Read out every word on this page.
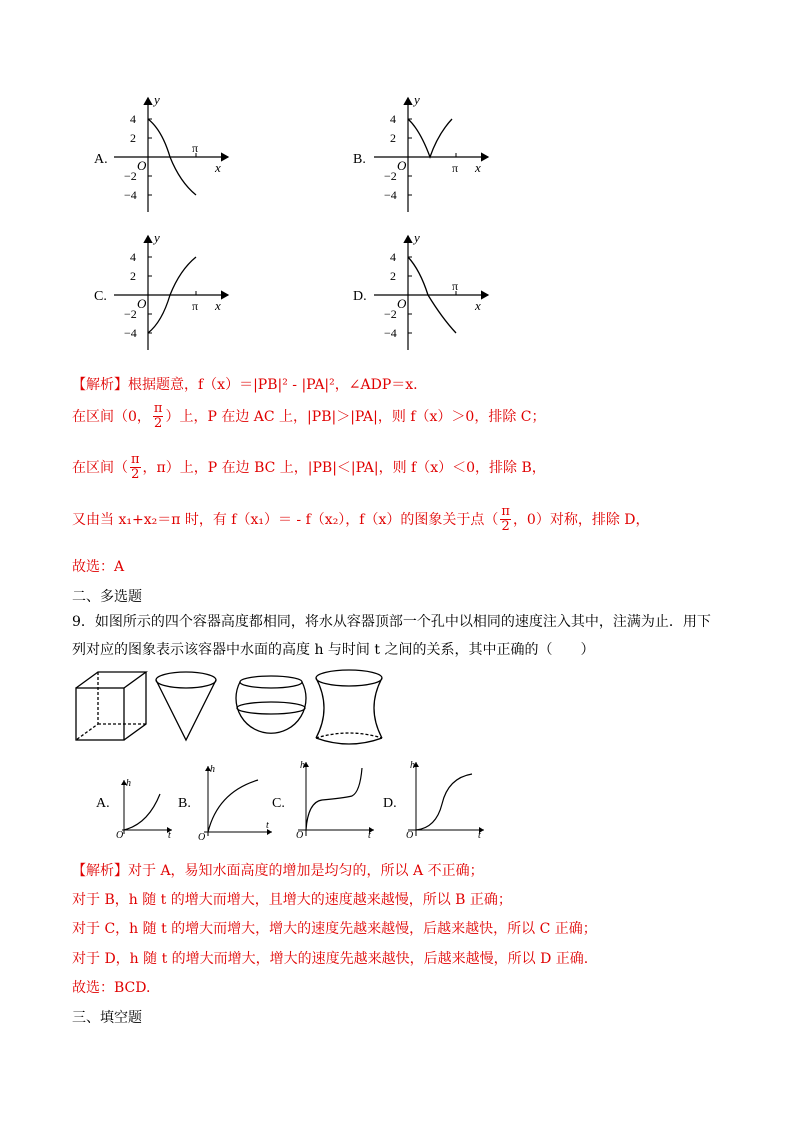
A.	B.
C.	D.
4
2
−2
−4
π
O	x
y
4
2
−2
−4
π
O	x
y
4
2
−2
−4
π
O	x
y
4
2
−2
−4
π
O	x
y
【解析】根据题意，f（x）＝|PB|² - |PA|²，∠ADP＝x.
在区间（0， $\frac{\pi}{2}$ ）上，P 在边 AC 上，|PB|＞|PA|，则 f（x）＞0，排除 C；
在区间（ $\frac{\pi}{2}$ ，π）上，P 在边 BC 上，|PB|＜|PA|，则 f（x）＜0，排除 B，
又由当 x₁+x₂＝π 时，有 f（x₁）＝ - f（x₂），f（x）的图象关于点（ $\frac{\pi}{2}$ ，0）对称，排除 D，
故选：A
二、多选题
9．如图所示的四个容器高度都相同，将水从容器顶部一个孔中以相同的速度注入其中，注满为止．用下
列对应的图象表示该容器中水面的高度 h 与时间 t 之间的关系，其中正确的（　　）
A.	B.	C.	D.
h
t
O
h
t
O
h
t
O
h
t
O
【解析】对于 A，易知水面高度的增加是均匀的，所以 A 不正确；
对于 B，h 随 t 的增大而增大，且增大的速度越来越慢，所以 B 正确；
对于 C，h 随 t 的增大而增大，增大的速度先越来越慢，后越来越快，所以 C 正确；
对于 D，h 随 t 的增大而增大，增大的速度先越来越快，后越来越慢，所以 D 正确.
故选：BCD.
三、填空题
